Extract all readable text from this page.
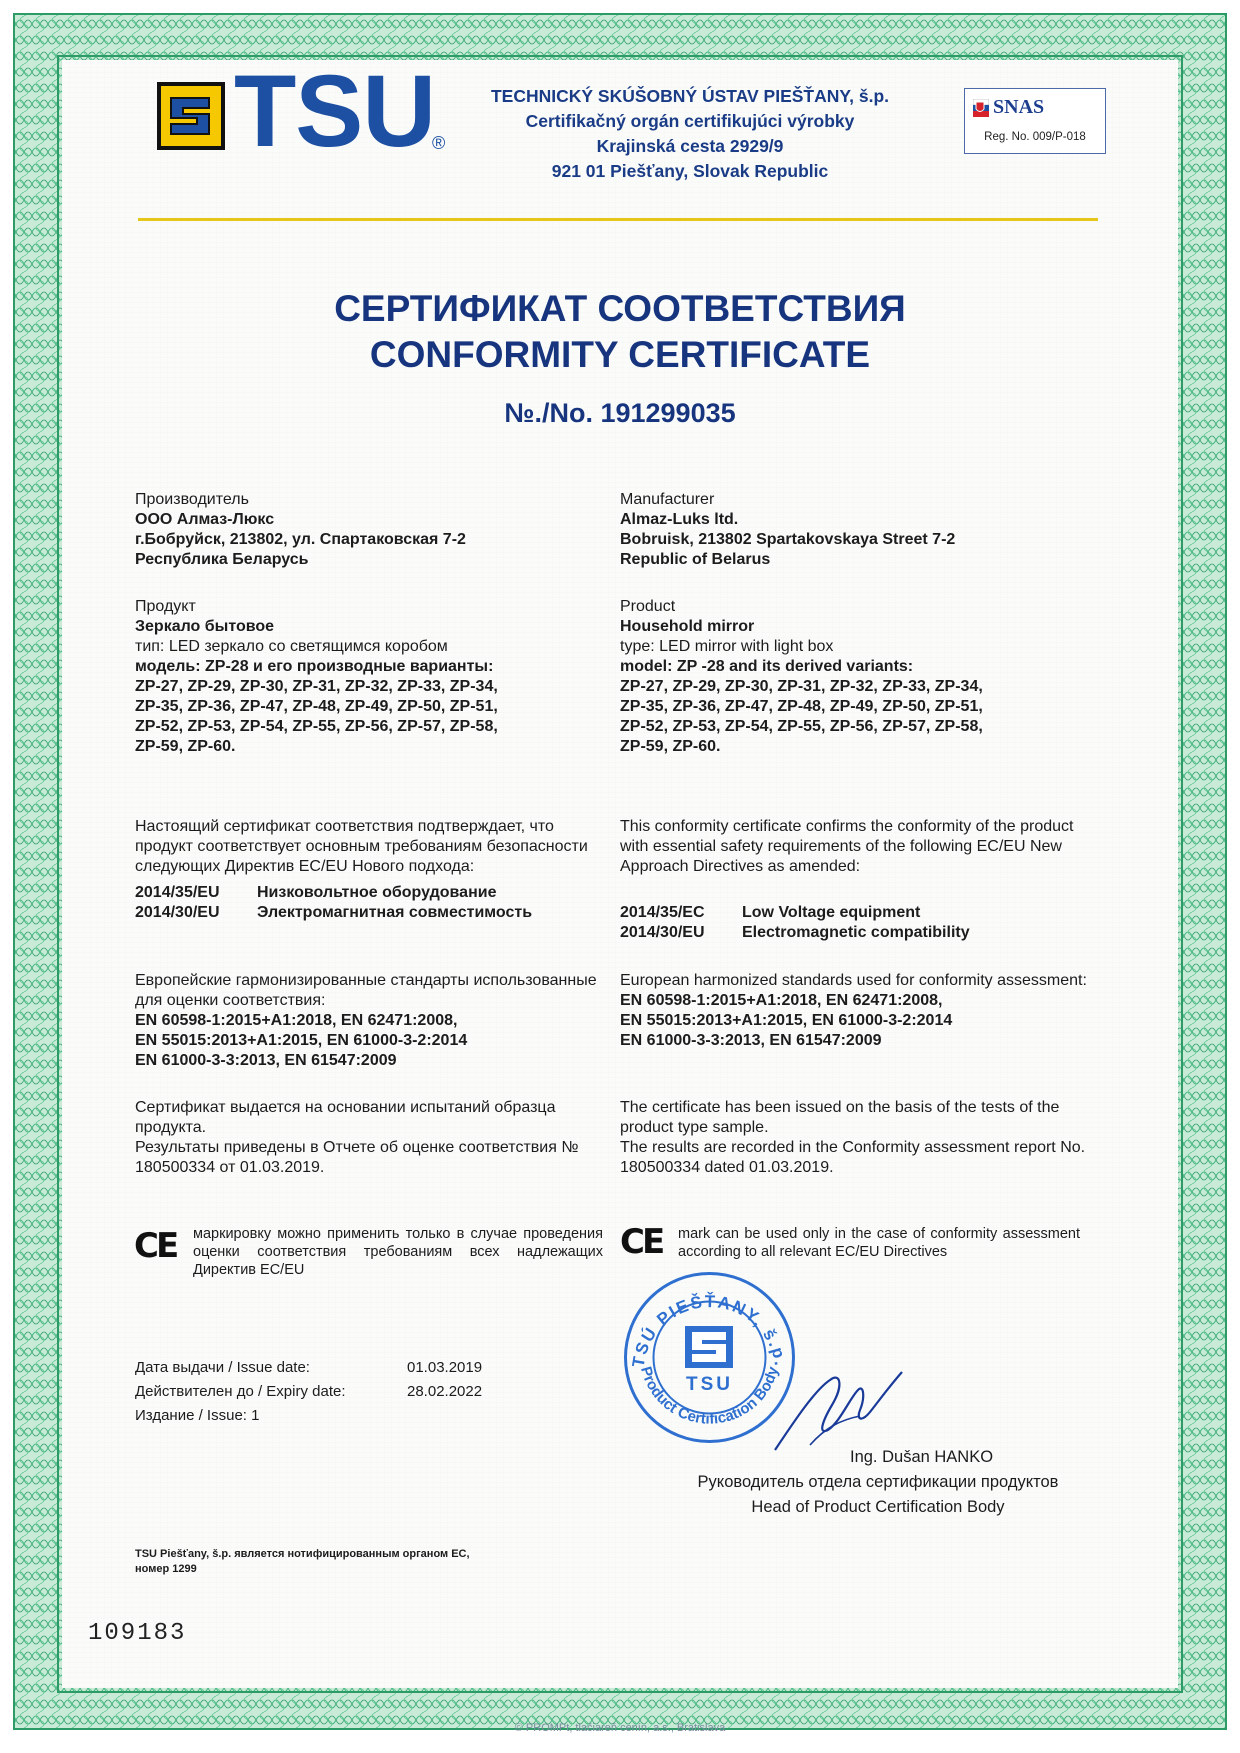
TSU
®
TECHNICKÝ SKÚŠOBNÝ ÚSTAV PIEŠŤANY, š.p.
Certifikačný orgán certifikujúci výrobky
Krajinská cesta 2929/9
921 01 Piešťany, Slovak Republic
SNAS
Reg. No. 009/P-018
СЕРТИФИКАТ СООТВЕТСТВИЯ
CONFORMITY CERTIFICATE
№./No. 191299035

Производитель

ООО Алмаз-Люкс

г.Бобруйск, 213802, ул. Спартаковская 7-2

Республика Беларусь

Manufacturer

Almaz-Luks ltd.

Bobruisk, 213802 Spartakovskaya Street 7-2

Republic of Belarus

Продукт

Зеркало бытовое

тип: LED зеркало со светящимся коробом

модель: ZP-28 и его производные варианты:

ZP-27, ZP-29, ZP-30, ZP-31, ZP-32, ZP-33, ZP-34,

ZP-35, ZP-36, ZP-47, ZP-48, ZP-49, ZP-50, ZP-51,

ZP-52, ZP-53, ZP-54, ZP-55, ZP-56, ZP-57, ZP-58,

ZP-59, ZP-60.

Product

Household mirror

type: LED mirror with light box

model: ZP -28 and its derived variants:

ZP-27, ZP-29, ZP-30, ZP-31, ZP-32, ZP-33, ZP-34,

ZP-35, ZP-36, ZP-47, ZP-48, ZP-49, ZP-50, ZP-51,

ZP-52, ZP-53, ZP-54, ZP-55, ZP-56, ZP-57, ZP-58,

ZP-59, ZP-60.

Настоящий сертификат соответствия подтверждает, что продукт соответствует основным требованиям безопасности следующих Директив EC/EU Нового подхода:

2014/35/EU	Низковольтное оборудование
2014/30/EU	Электромагнитная совместимость

This conformity certificate confirms the conformity of the product with essential safety requirements of the following EC/EU New Approach Directives as amended:

2014/35/EC	Low Voltage equipment
2014/30/EU	Electromagnetic compatibility

Европейские гармонизированные стандарты использованные для оценки соответствия:

EN 60598-1:2015+A1:2018, EN 62471:2008,

EN 55015:2013+A1:2015, EN 61000-3-2:2014

EN 61000-3-3:2013, EN 61547:2009

European harmonized standards used for conformity assessment:

EN 60598-1:2015+A1:2018, EN 62471:2008,

EN 55015:2013+A1:2015, EN 61000-3-2:2014

EN 61000-3-3:2013, EN 61547:2009

Сертификат выдается на основании испытаний образца продукта.

Результаты приведены в Отчете об оценке соответствия № 180500334 от 01.03.2019.

The certificate has been issued on the basis of the tests of the product type sample.

The results are recorded in the Conformity assessment report No. 180500334 dated 01.03.2019.

CE маркировку можно применить только в случае проведения оценки соответствия требованиям всех надлежащих Директив EC/EU
CE mark can be used only in the case of conformity assessment according to all relevant EC/EU Directives
Дата выдачи / Issue date:	01.03.2019
Действителен до / Expiry date:	28.02.2022
Издание / Issue: 1
TSÚ PIEŠŤANY, š.p.
Product Certification Body
TSU
Ing. Dušan HANKO
Руководитель отдела сертификации продуктов
Head of Product Certification Body
TSU Piešťany, š.p. является нотифицированным органом ЕС,
номер 1299
109183
© PROMPt, tlačiareň cenín, a.s., Bratislava
